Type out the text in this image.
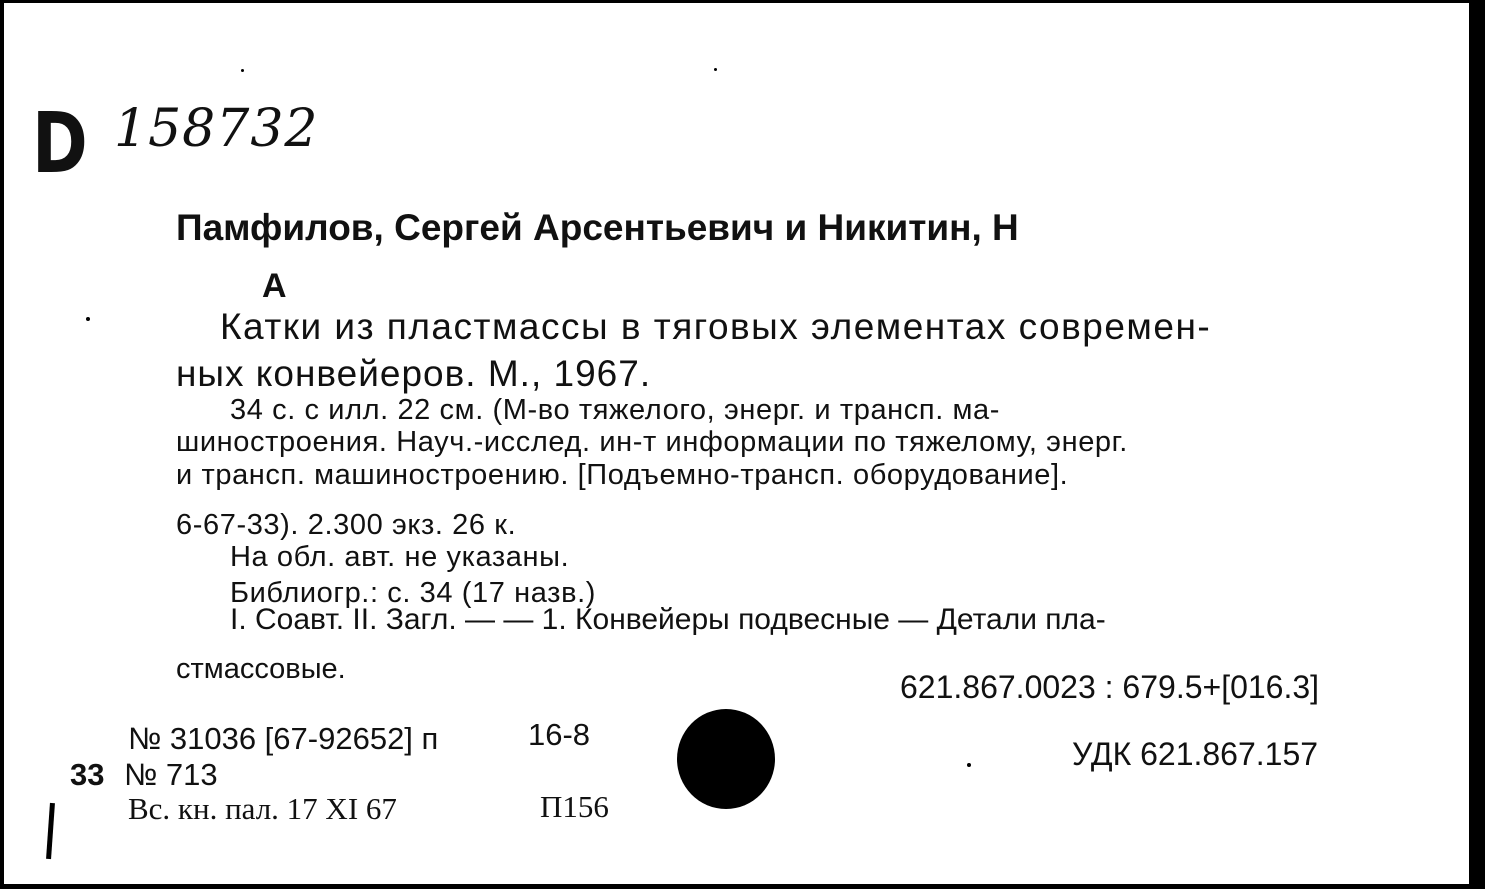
D 158732
Памфилов, Сергей Арсентьевич и Никитин, Н
А
Катки из пластмассы в тяговых элементах современ-
ных конвейеров. М., 1967.
34 с. с илл. 22 см. (М-во тяжелого, энерг. и трансп. ма-
шиностроения. Науч.-исслед. ин-т информации по тяжелому, энерг.
и трансп. машиностроению. [Подъемно-трансп. оборудование].
6-67-33). 2.300 экз. 26 к.
На обл. авт. не указаны.
Библиогр.: с. 34 (17 назв.)
I. Соавт. II. Загл. — — 1. Конвейеры подвесные — Детали пла-
стмассовые.	621.867.0023 : 679.5+[016.3]
УДК 621.867.157
№ 31036 [67-92652] п	16-8
33 № 713
Вс. кн. пал. 17 XI 67	П156
